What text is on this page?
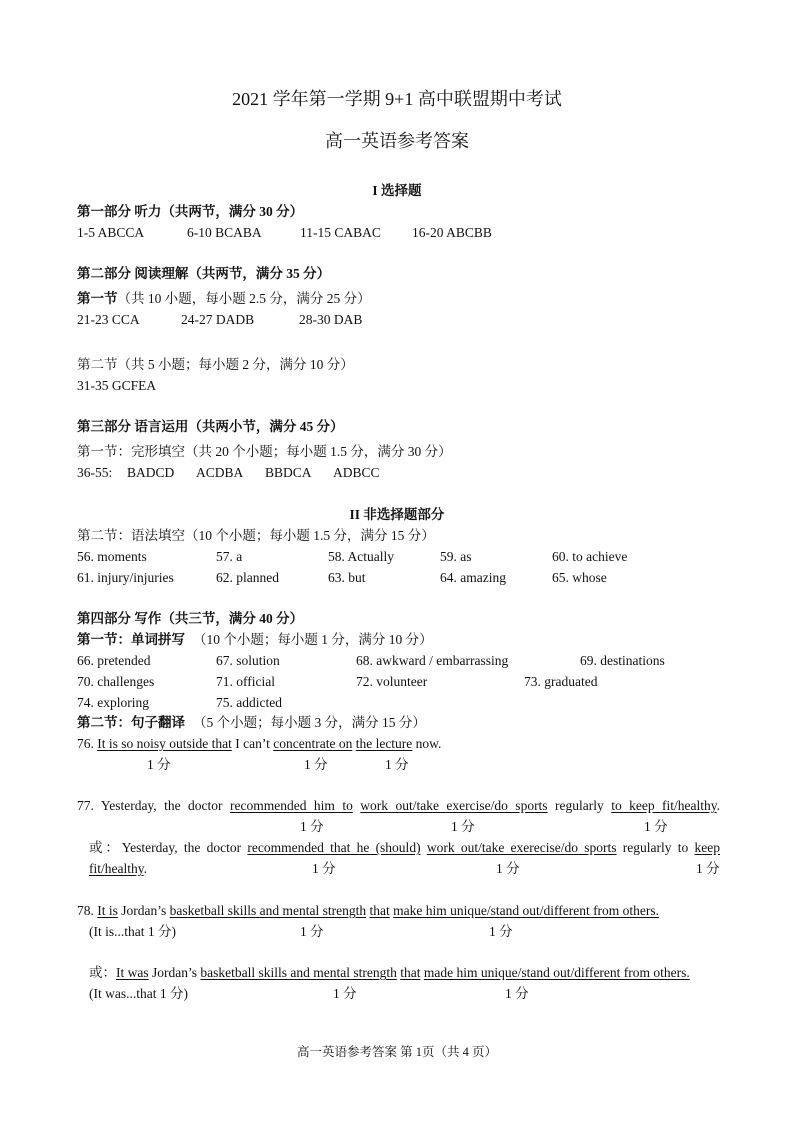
2021 学年第一学期 9+1 高中联盟期中考试
高一英语参考答案
I 选择题
第一部分 听力（共两节，满分 30 分）
1-5 ABCCA	6-10 BCABA	11-15 CABAC 16-20 ABCBB
第二部分 阅读理解（共两节，满分 35 分）
第一节（共 10 小题，每小题 2.5 分，满分 25 分）
21-23 CCA	24-27 DADB	28-30 DAB
第二节（共 5 小题；每小题 2 分，满分 10 分）
31-35 GCFEA
第三部分 语言运用（共两小节，满分 45 分）
第一节：完形填空（共 20 个小题；每小题 1.5 分，满分 30 分）
36-55: BADCD ACDBA BBDCA ADBCC
II 非选择题部分
第二节：语法填空（10 个小题；每小题 1.5 分，满分 15 分）
56. moments	57. a	58. Actually	59. as	60. to achieve
61. injury/injuries	62. planned	63. but	64. amazing	65. whose
第四部分 写作（共三节，满分 40 分）
第一节：单词拼写 （10 个小题；每小题 1 分，满分 10 分）
66. pretended	67. solution	68. awkward / embarrassing	69. destinations
70. challenges	71. official	72. volunteer	73. graduated
74. exploring	75. addicted
第二节：句子翻译 （5 个小题；每小题 3 分，满分 15 分）
76. It is so noisy outside that I can’t concentrate on the lecture now.
1 分	1 分	1 分
77. Yesterday, the doctor recommended him to work out/take exercise/do sports regularly to keep fit/healthy.
1 分	1 分	1 分
或：Yesterday, the doctor recommended that he (should) work out/take exerecise/do sports regularly to keep
fit/healthy.	1 分	1 分	1 分
78. It is Jordan’s basketball skills and mental strength that make him unique/stand out/different from others.
(It is...that 1 分)	1 分	1 分
或：It was Jordan’s basketball skills and mental strength that made him unique/stand out/different from others.
(It was...that 1 分)	1 分	1 分
高一英语参考答案 第 1页（共 4 页）
